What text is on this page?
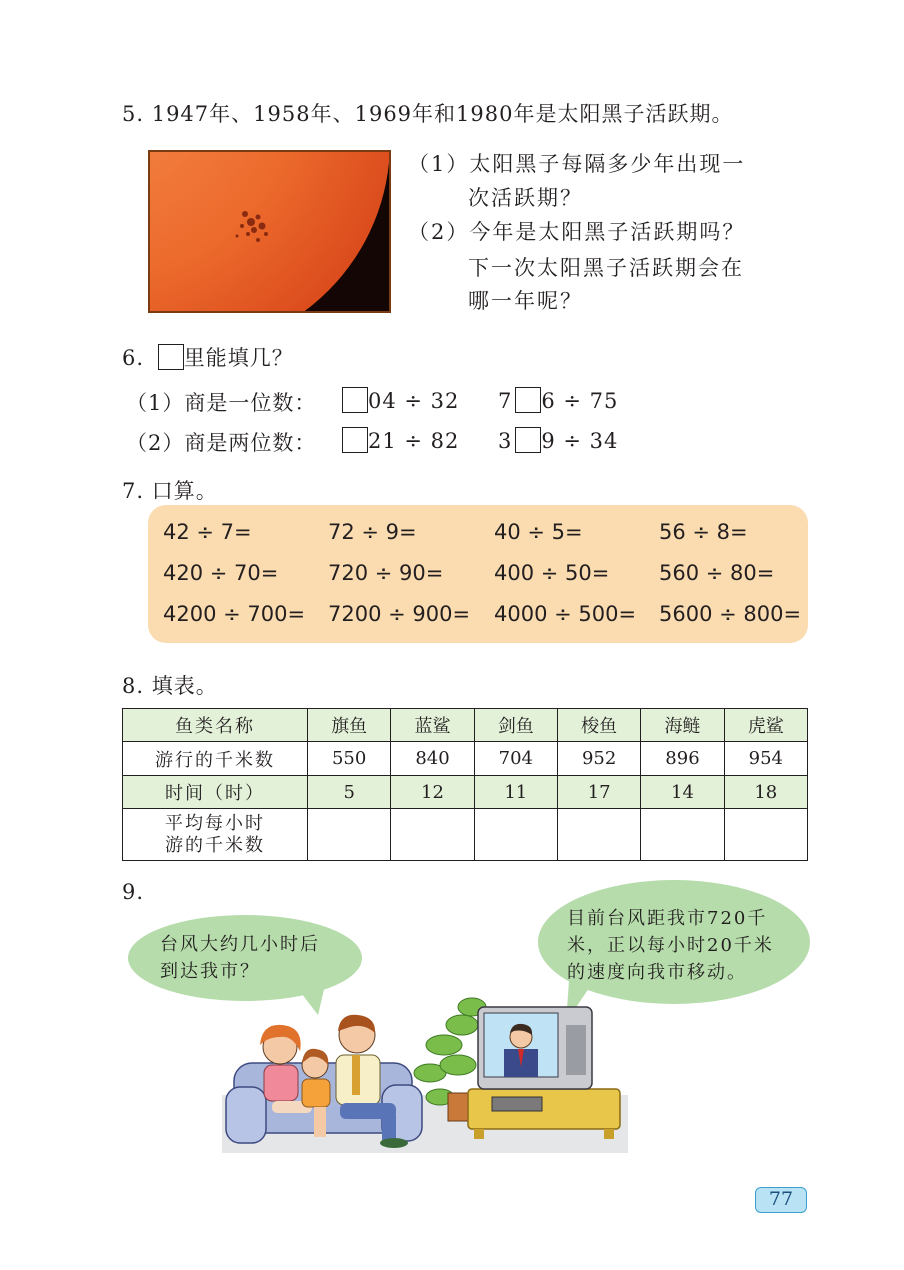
5. 1947年、1958年、1969年和1980年是太阳黑子活跃期。
（1）太阳黑子每隔多少年出现一
次活跃期？
（2）今年是太阳黑子活跃期吗？
下一次太阳黑子活跃期会在
哪一年呢？
6. 里能填几？
（1）商是一位数：	04 ÷ 32 7 6 ÷ 75
（2）商是两位数：	21 ÷ 82 3 9 ÷ 34
7. 口算。
42 ÷ 7=	72 ÷ 9=	40 ÷ 5=	56 ÷ 8=
420 ÷ 70= 720 ÷ 90= 400 ÷ 50= 560 ÷ 80=
4200 ÷ 700= 7200 ÷ 900= 4000 ÷ 500= 5600 ÷ 800=
8. 填表。
鱼类名称	旗鱼	蓝鲨	剑鱼	梭鱼	海鲢	虎鲨
游行的千米数	550	840	704	952	896	954
时间（时）	5	12	11	17	14	18

平均每小时
游的千米数						

9.
台风大约几小时后
到达我市？
目前台风距我市720千
米，正以每小时20千米
的速度向我市移动。
77
